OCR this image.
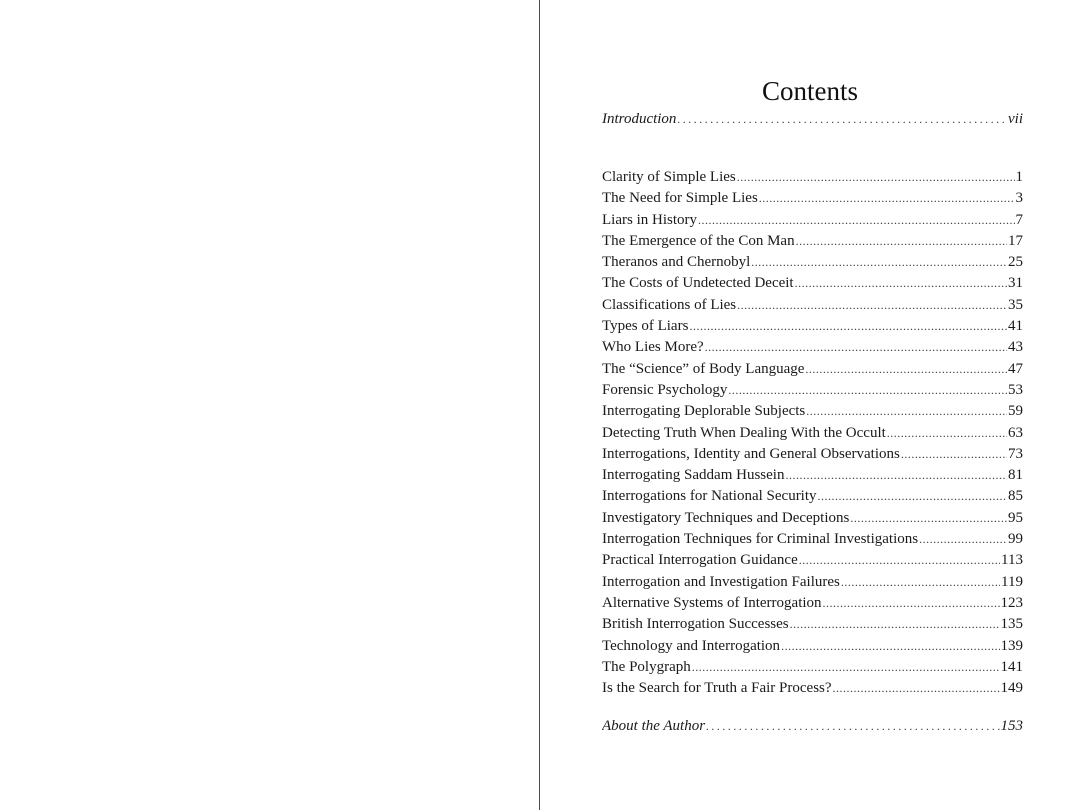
Contents
Introduction .....	vii
Clarity of Simple Lies .....	1
The Need for Simple Lies .....	3
Liars in History .....	7
The Emergence of the Con Man .....	17
Theranos and Chernobyl .....	25
The Costs of Undetected Deceit .....	31
Classifications of Lies .....	35
Types of Liars .....	41
Who Lies More? .....	43
The “Science” of Body Language .....	47
Forensic Psychology .....	53
Interrogating Deplorable Subjects .....	59
Detecting Truth When Dealing With the Occult .....	63
Interrogations, Identity and General Observations .....	73
Interrogating Saddam Hussein .....	81
Interrogations for National Security .....	85
Investigatory Techniques and Deceptions .....	95
Interrogation Techniques for Criminal Investigations .....	99
Practical Interrogation Guidance .....	113
Interrogation and Investigation Failures .....	119
Alternative Systems of Interrogation .....	123
British Interrogation Successes .....	135
Technology and Interrogation .....	139
The Polygraph .....	141
Is the Search for Truth a Fair Process? .....	149
About the Author .....	153
